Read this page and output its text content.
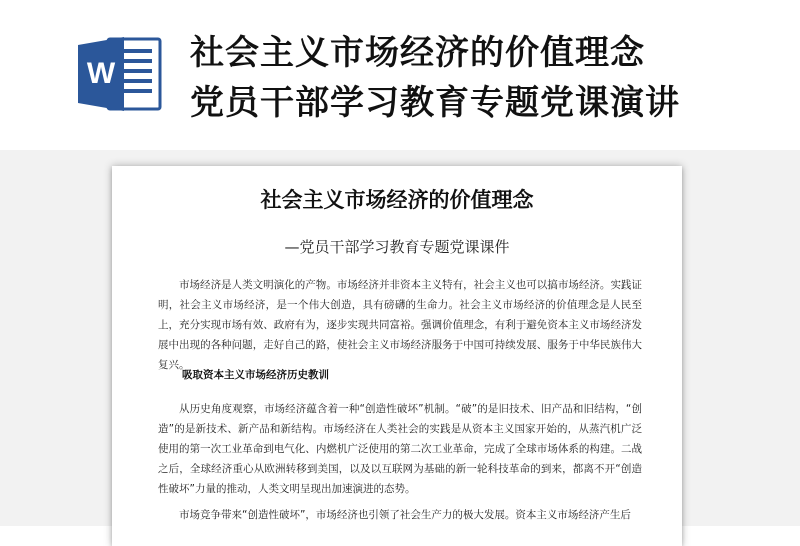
W
社会主义市场经济的价值理念
党员干部学习教育专题党课演讲
社会主义市场经济的价值理念
—党员干部学习教育专题党课课件

市场经济是人类文明演化的产物。市场经济并非资本主义特有，社会主义也可以搞市场经济。实践证明，社会主义市场经济，是一个伟大创造，具有磅礴的生命力。社会主义市场经济的价值理念是人民至上，充分实现市场有效、政府有为，逐步实现共同富裕。强调价值理念，有利于避免资本主义市场经济发展中出现的各种问题，走好自己的路，使社会主义市场经济服务于中国可持续发展、服务于中华民族伟大复兴。

吸取资本主义市场经济历史教训

从历史角度观察，市场经济蕴含着一种“创造性破坏”机制。“破”的是旧技术、旧产品和旧结构，“创造”的是新技术、新产品和新结构。市场经济在人类社会的实践是从资本主义国家开始的，从蒸汽机广泛使用的第一次工业革命到电气化、内燃机广泛使用的第二次工业革命，完成了全球市场体系的构建。二战之后，全球经济重心从欧洲转移到美国，以及以互联网为基础的新一轮科技革命的到来，都离不开“创造性破坏”力量的推动，人类文明呈现出加速演进的态势。

市场竞争带来“创造性破坏”，市场经济也引领了社会生产力的极大发展。资本主义市场经济产生后
